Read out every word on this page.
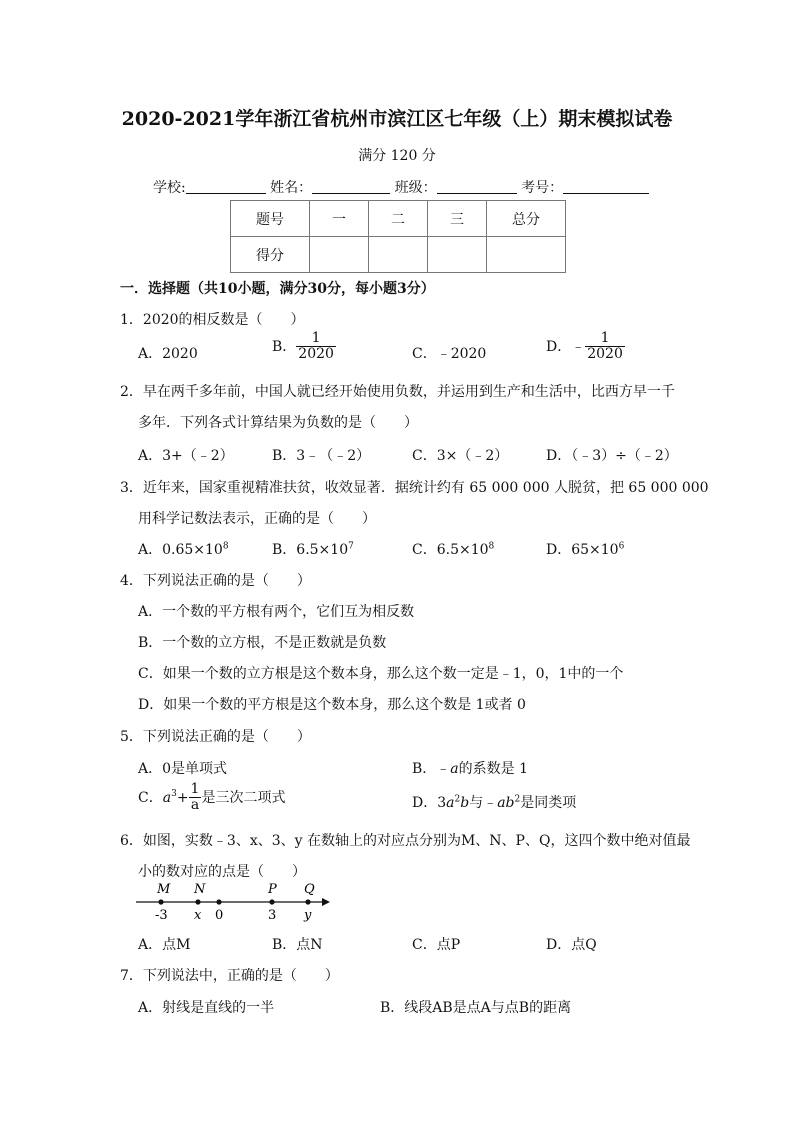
2020-2021学年浙江省杭州市滨江区七年级（上）期末模拟试卷
满分 120 分
学校:	姓名：	班级：	考号：
题号	一	二	三	总分
得分				
一．选择题（共10小题，满分30分，每小题3分）
1．2020的相反数是（　　）
A．2020	B． $\frac{1}{2020}$	C．﹣2020	D．﹣ $\frac{1}{2020}$
2．早在两千多年前，中国人就已经开始使用负数，并运用到生产和生活中，比西方早一千
多年．下列各式计算结果为负数的是（　　）
A．3+（﹣2）	B．3﹣（﹣2）	C．3×（﹣2）	D．（﹣3）÷（﹣2）
3．近年来，国家重视精准扶贫，收效显著．据统计约有 65 000 000 人脱贫，把 65 000 000
用科学记数法表示，正确的是（　　）
A．$0.65\times 10^8$	B．$6.5\times 10^7$	C．$6.5\times 10^8$	D．$65\times 10^6$
4．下列说法正确的是（　　）
A．一个数的平方根有两个，它们互为相反数
B．一个数的立方根，不是正数就是负数
C．如果一个数的立方根是这个数本身，那么这个数一定是﹣1，0，1中的一个
D．如果一个数的平方根是这个数本身，那么这个数是 1或者 0
5．下列说法正确的是（　　）
A．0是单项式	B．﹣a的系数是 1
C．$a^3+ \frac{1}{a}$ 是三次二项式	D．$3a^2b$与$﹣ab^2$是同类项
6．如图，实数﹣3、x、3、y 在数轴上的对应点分别为M、N、P、Q，这四个数中绝对值最
小的数对应的点是（　　）
M N	P Q
-3 x 0	3 y
A．点M	B．点N	C．点P	D．点Q
7．下列说法中，正确的是（　　）
A．射线是直线的一半	B．线段AB是点A与点B的距离
